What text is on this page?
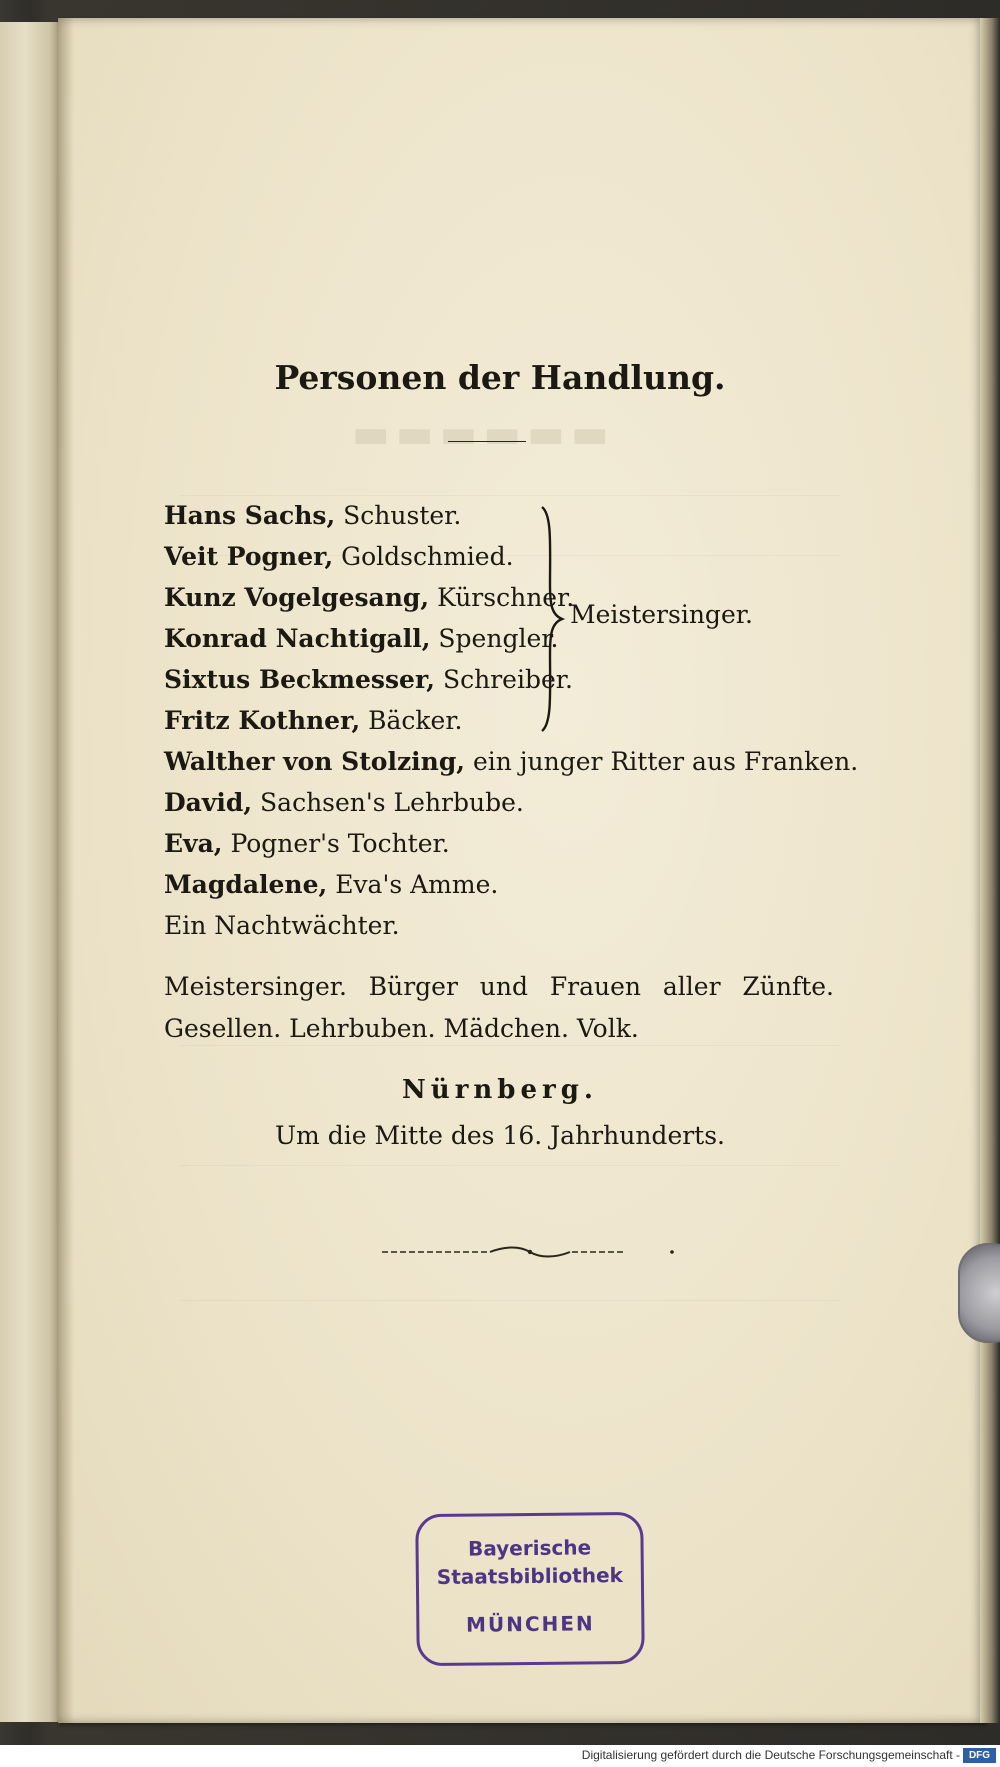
▬▬▬▬▬▬
Personen der Handlung.
Hans Sachs, Schuster.
Veit Pogner, Goldschmied.
Kunz Vogelgesang, Kürschner.
Konrad Nachtigall, Spengler.
Sixtus Beckmesser, Schreiber.
Fritz Kothner, Bäcker.
Walther von Stolzing, ein junger Ritter aus Franken.
David, Sachsen's Lehrbube.
Eva, Pogner's Tochter.
Magdalene, Eva's Amme.
Ein Nachtwächter.
Meistersinger.
Meistersinger. Bürger und Frauen aller Zünfte. Gesellen. Lehrbuben. Mädchen. Volk.
Nürnberg.
Um die Mitte des 16. Jahrhunderts.
Bayerische
Staatsbibliothek
MÜNCHEN
Digitalisierung gefördert durch die Deutsche Forschungsgemeinschaft - DFG
